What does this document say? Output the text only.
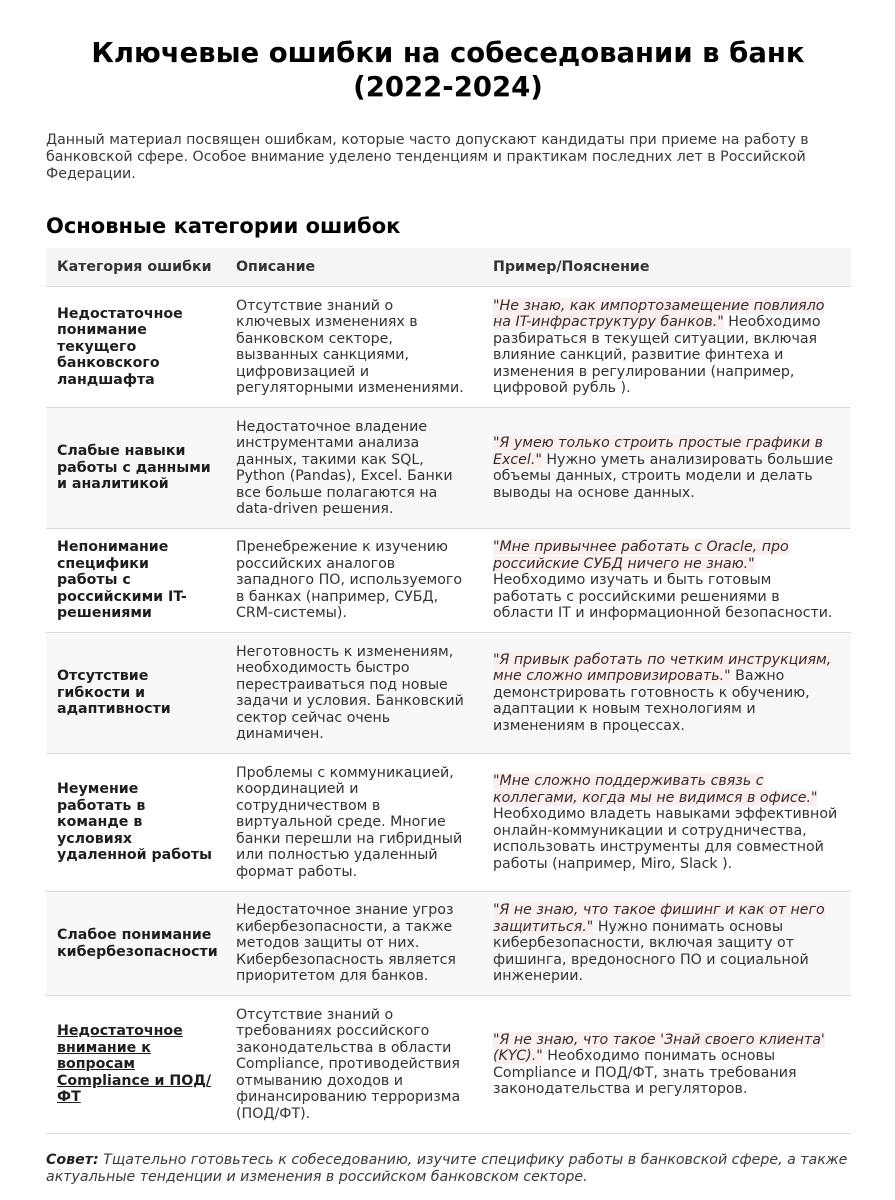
Ключевые ошибки на собеседовании в банк (2022-2024)

Данный материал посвящен ошибкам, которые часто допускают кандидаты при приеме на работу в банковской сфере. Особое внимание уделено тенденциям и практикам последних лет в Российской Федерации.

Основные категории ошибок
Категория ошибки	Описание	Пример/Пояснение
Недостаточное понимание текущего банковского ландшафта	Отсутствие знаний о ключевых изменениях в банковском секторе, вызванных санкциями, цифровизацией и регуляторными изменениями.	"Не знаю, как импортозамещение повлияло на IT-инфраструктуру банков." Необходимо разбираться в текущей ситуации, включая влияние санкций, развитие финтеха и изменения в регулировании (например, цифровой рубль ).
Слабые навыки работы с данными и аналитикой	Недостаточное владение инструментами анализа данных, такими как SQL, Python (Pandas), Excel. Банки все больше полагаются на data-driven решения.	"Я умею только строить простые графики в Excel." Нужно уметь анализировать большие объемы данных, строить модели и делать выводы на основе данных.
Непонимание специфики работы с российскими IT-решениями	Пренебрежение к изучению российских аналогов западного ПО, используемого в банках (например, СУБД, CRM-системы).	"Мне привычнее работать с Oracle, про российские СУБД ничего не знаю." Необходимо изучать и быть готовым работать с российскими решениями в области IT и информационной безопасности.
Отсутствие гибкости и адаптивности	Неготовность к изменениям, необходимость быстро перестраиваться под новые задачи и условия. Банковский сектор сейчас очень динамичен.	"Я привык работать по четким инструкциям, мне сложно импровизировать." Важно демонстрировать готовность к обучению, адаптации к новым технологиям и изменениям в процессах.
Неумение работать в команде в условиях удаленной работы	Проблемы с коммуникацией, координацией и сотрудничеством в виртуальной среде. Многие банки перешли на гибридный или полностью удаленный формат работы.	"Мне сложно поддерживать связь с коллегами, когда мы не видимся в офисе." Необходимо владеть навыками эффективной онлайн-коммуникации и сотрудничества, использовать инструменты для совместной работы (например, Miro, Slack ).
Слабое понимание кибербезопасности	Недостаточное знание угроз кибербезопасности, а также методов защиты от них. Кибербезопасность является приоритетом для банков.	"Я не знаю, что такое фишинг и как от него защититься." Нужно понимать основы кибербезопасности, включая защиту от фишинга, вредоносного ПО и социальной инженерии.
Недостаточное внимание к вопросам Compliance и ПОД/ФТ	Отсутствие знаний о требованиях российского законодательства в области Compliance, противодействия отмыванию доходов и финансированию терроризма (ПОД/ФТ).	"Я не знаю, что такое 'Знай своего клиента' (KYC)." Необходимо понимать основы Compliance и ПОД/ФТ, знать требования законодательства и регуляторов.

Совет: Тщательно готовьтесь к собеседованию, изучите специфику работы в банковской сфере, а также актуальные тенденции и изменения в российском банковском секторе.
